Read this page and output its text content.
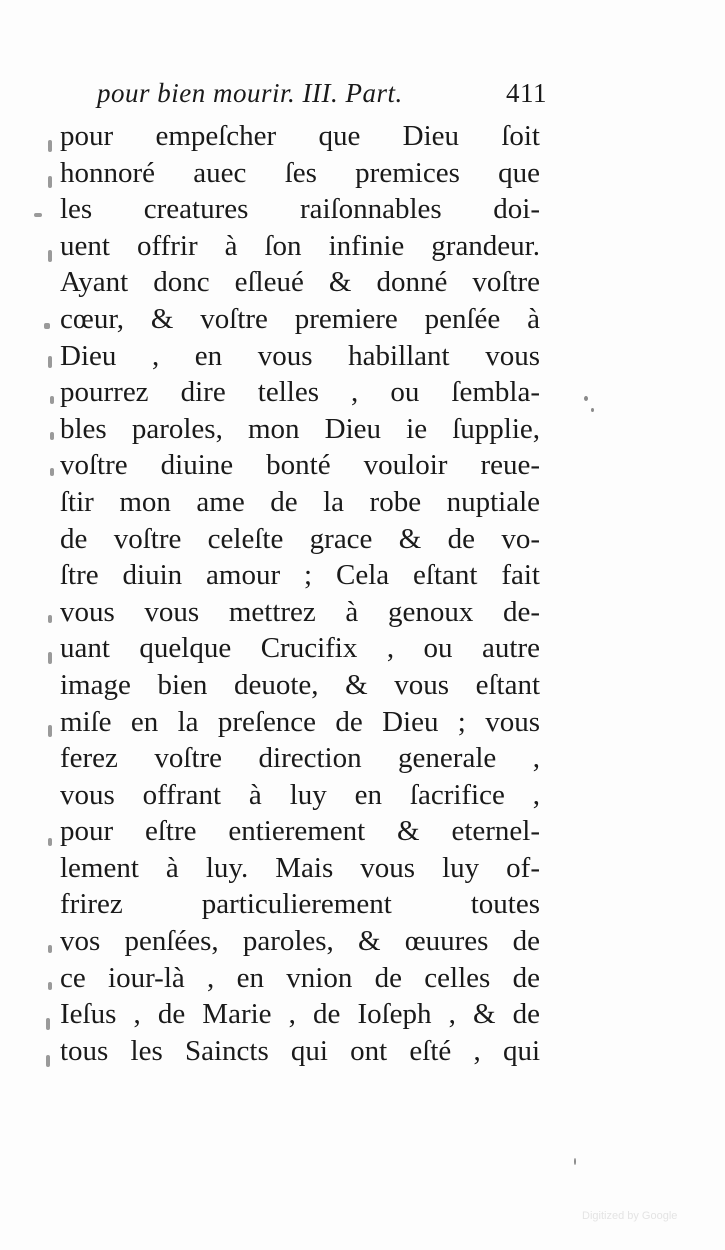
pour bien mourir. III. Part.	411
pour empeſcher que Dieu ſoit
honnoré auec ſes premices que
les creatures raiſonnables doi-
uent offrir à ſon infinie grandeur.
Ayant donc eſleué & donné voſtre
cœur, & voſtre premiere penſée à
Dieu , en vous habillant vous
pourrez dire telles , ou ſembla-
bles paroles, mon Dieu ie ſupplie,
voſtre diuine bonté vouloir reue-
ſtir mon ame de la robe nuptiale
de voſtre celeſte grace & de vo-
ſtre diuin amour ; Cela eſtant fait
vous vous mettrez à genoux de-
uant quelque Crucifix , ou autre
image bien deuote, & vous eſtant
miſe en la preſence de Dieu ; vous
ferez voſtre direction generale ,
vous offrant à luy en ſacrifice ,
pour eſtre entierement & eternel-
lement à luy. Mais vous luy of-
frirez particulierement toutes
vos penſées, paroles, & œuures de
ce iour-là , en vnion de celles de
Ieſus , de Marie , de Ioſeph , & de
tous les Saincts qui ont eſté , qui
Digitized by Google
